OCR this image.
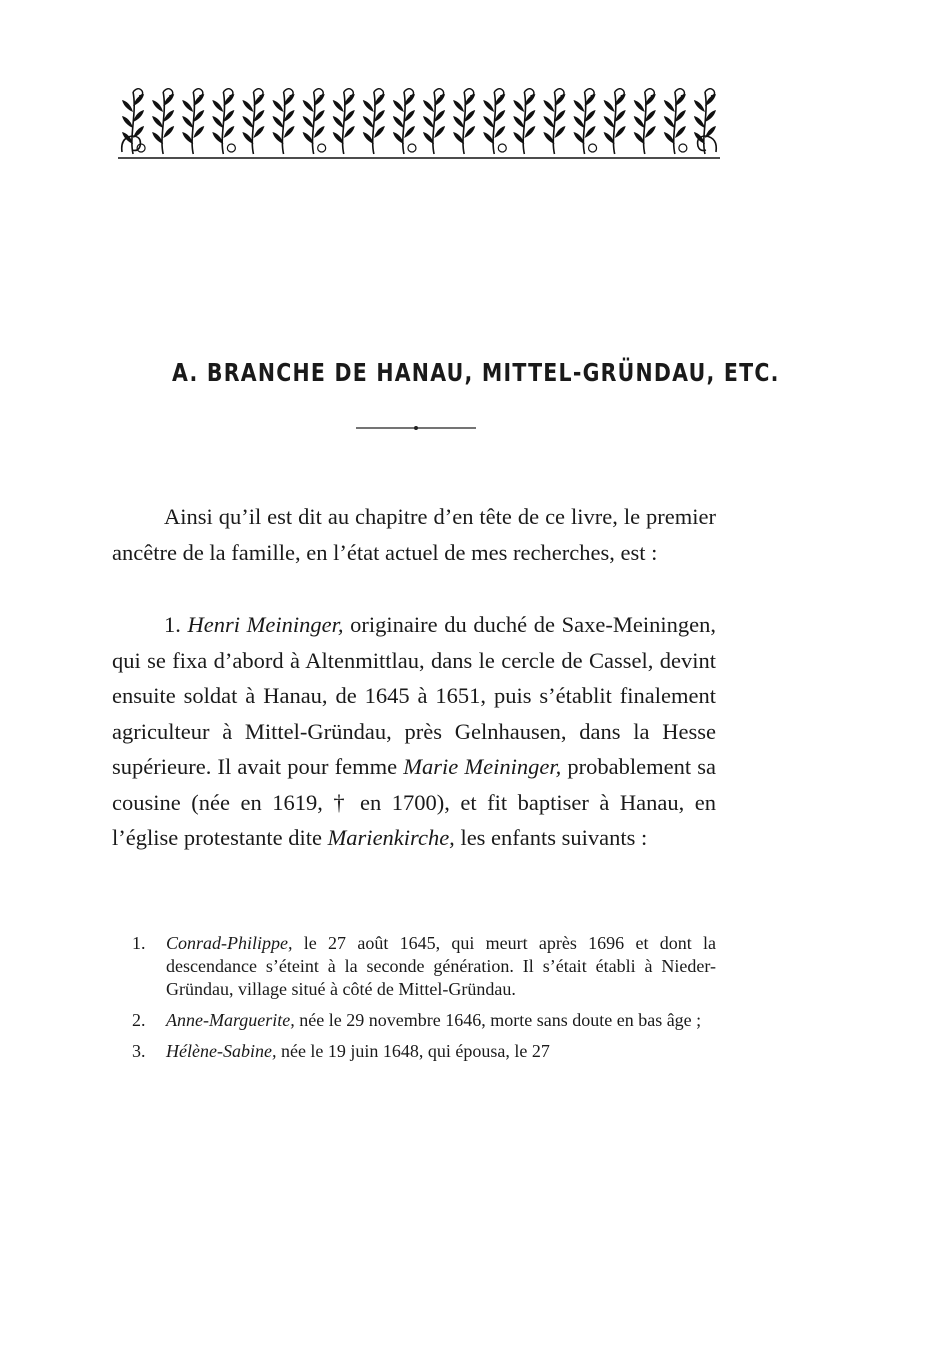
A. BRANCHE DE HANAU, MITTEL-GRÜNDAU, ETC.
Ainsi qu’il est dit au chapitre d’en tête de ce livre, le premier ancêtre de la famille, en l’état actuel de mes recherches, est :
1. Henri Meininger, originaire du duché de Saxe-Meiningen, qui se fixa d’abord à Altenmittlau, dans le cercle de Cassel, devint ensuite soldat à Hanau, de 1645 à 1651, puis s’établit finalement agriculteur à Mittel-Gründau, près Gelnhausen, dans la Hesse supérieure. Il avait pour femme Marie Meininger, probablement sa cousine (née en 1619, † en 1700), et fit baptiser à Hanau, en l’église protestante dite Marienkirche, les enfants suivants :
1. Conrad-Philippe, le 27 août 1645, qui meurt après 1696 et dont la descendance s’éteint à la seconde génération. Il s’était établi à Nieder-Gründau, village situé à côté de Mittel-Gründau.
2. Anne-Marguerite, née le 29 novembre 1646, morte sans doute en bas âge ;
3. Hélène-Sabine, née le 19 juin 1648, qui épousa, le 27
